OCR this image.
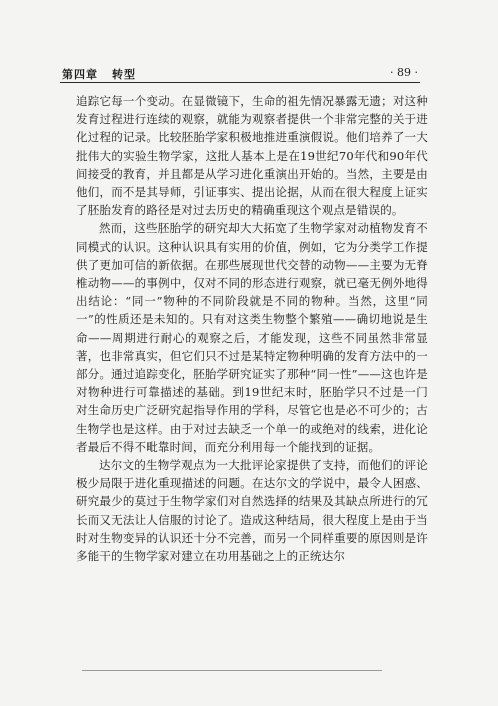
第四章 转型	· 89 ·

追踪它每一个变动。在显微镜下，生命的祖先情况暴露无遗；对这种发育过程进行连续的观察，就能为观察者提供一个非常完整的关于进化过程的记录。比较胚胎学家积极地推进重演假说。他们培养了一大批伟大的实验生物学家，这批人基本上是在19世纪70年代和90年代间接受的教育，并且都是从学习进化重演出开始的。当然，主要是由他们，而不是其导师，引证事实、提出论据，从而在很大程度上证实了胚胎发育的路径是对过去历史的精确重现这个观点是错误的。

然而，这些胚胎学的研究却大大拓宽了生物学家对动植物发育不同模式的认识。这种认识具有实用的价值，例如，它为分类学工作提供了更加可信的新依据。在那些展现世代交替的动物——主要为无脊椎动物——的事例中，仅对不同的形态进行观察，就已毫无例外地得出结论：“同一”物种的不同阶段就是不同的物种。当然，这里“同一”的性质还是未知的。只有对这类生物整个繁殖——确切地说是生命——周期进行耐心的观察之后，才能发现，这些不同虽然非常显著，也非常真实，但它们只不过是某特定物种明确的发育方法中的一部分。通过追踪变化，胚胎学研究证实了那种“同一性”——这也许是对物种进行可靠描述的基础。到19世纪末时，胚胎学只不过是一门对生命历史广泛研究起指导作用的学科，尽管它也是必不可少的；古生物学也是这样。由于对过去缺乏一个单一的或绝对的线索，进化论者最后不得不毗靠时间，而充分利用每一个能找到的证据。

达尔文的生物学观点为一大批评论家提供了支持，而他们的评论极少局限于进化重现描述的问题。在达尔文的学说中，最令人困惑、研究最少的莫过于生物学家们对自然选择的结果及其缺点所进行的冗长而又无法让人信服的讨论了。造成这种结局，很大程度上是由于当时对生物变异的认识还十分不完善，而另一个同样重要的原因则是许多能干的生物学家对建立在功用基础之上的正统达尔
